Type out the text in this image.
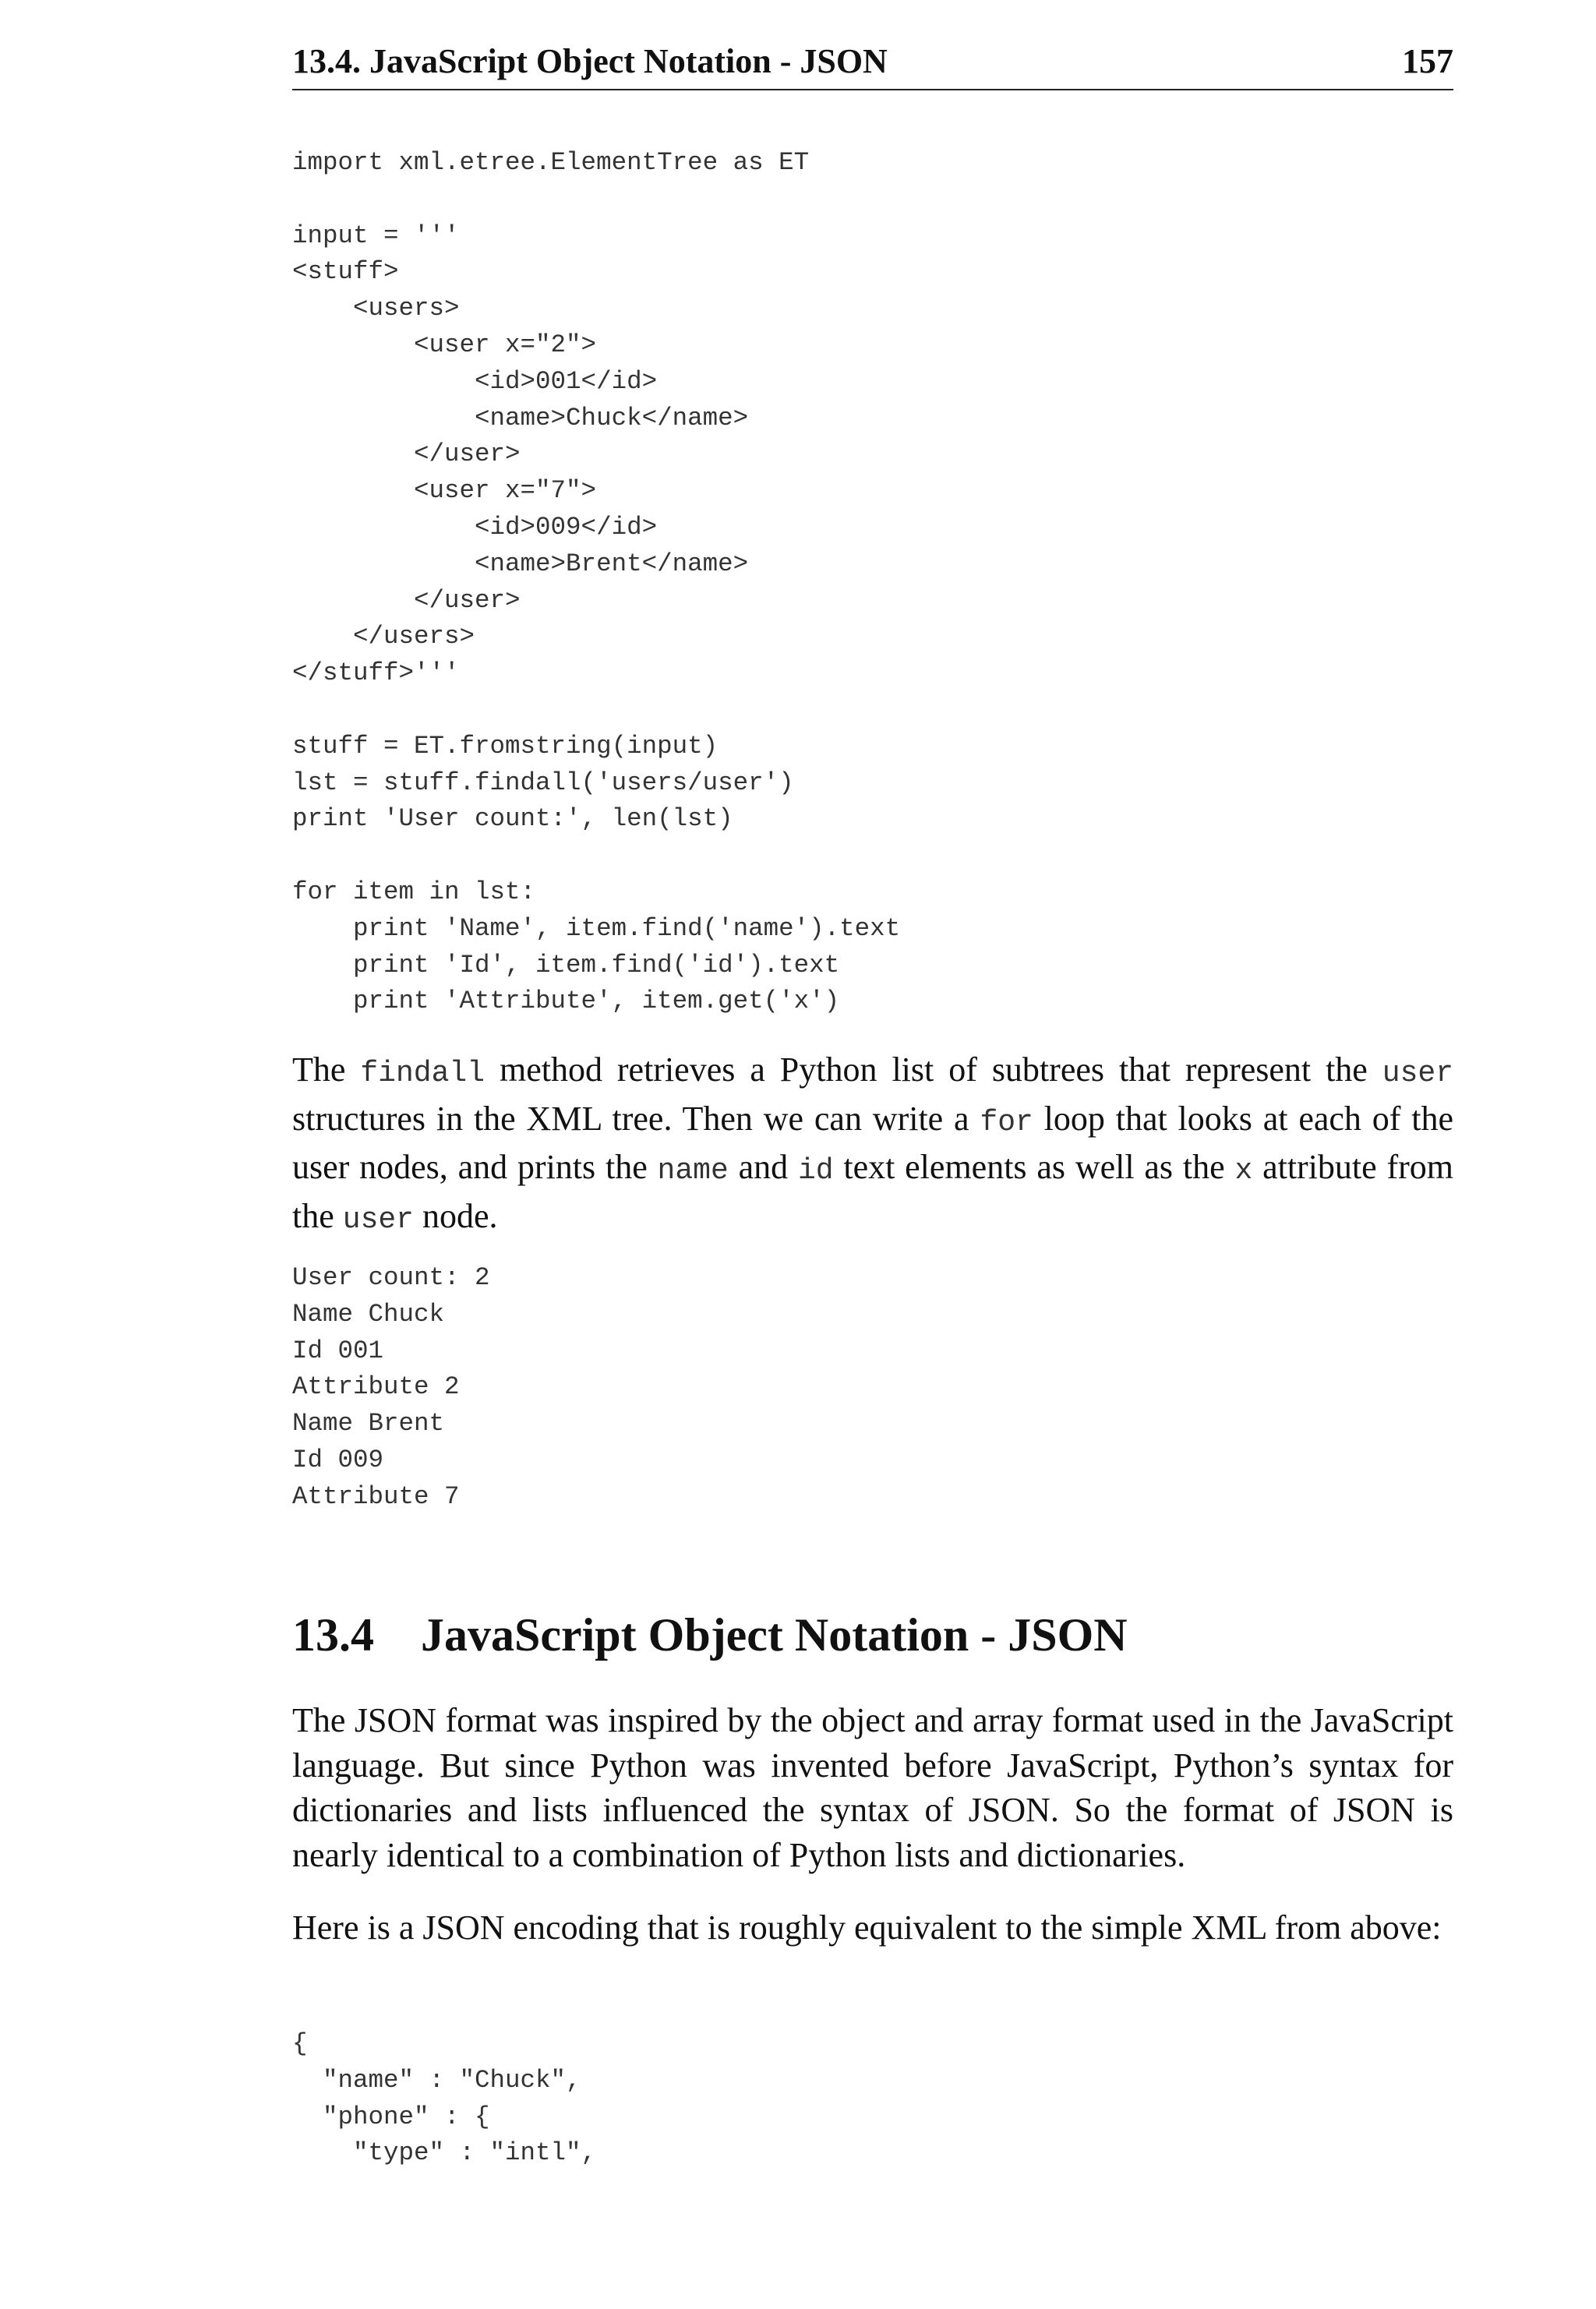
13.4. JavaScript Object Notation - JSON	157
import xml.etree.ElementTree as ET
input = '''
<stuff>
<users>
<user x="2">
<id>001</id>
<name>Chuck</name>
</user>
<user x="7">
<id>009</id>
<name>Brent</name>
</user>
</users>
</stuff>'''
stuff = ET.fromstring(input)
lst = stuff.findall('users/user')
print 'User count:', len(lst)
for item in lst:
print 'Name', item.find('name').text
print 'Id', item.find('id').text
print 'Attribute', item.get('x')

The findall method retrieves a Python list of subtrees that represent the user structures in the XML tree. Then we can write a for loop that looks at each of the user nodes, and prints the name and id text elements as well as the x attribute from the user node.

User count: 2
Name Chuck
Id 001
Attribute 2
Name Brent
Id 009
Attribute 7
13.4 JavaScript Object Notation - JSON

The JSON format was inspired by the object and array format used in the JavaScript language. But since Python was invented before JavaScript, Python’s syntax for dictionaries and lists influenced the syntax of JSON. So the format of JSON is nearly identical to a combination of Python lists and dictionaries.

Here is a JSON encoding that is roughly equivalent to the simple XML from above:

{
"name" : "Chuck",
"phone" : {
"type" : "intl",
